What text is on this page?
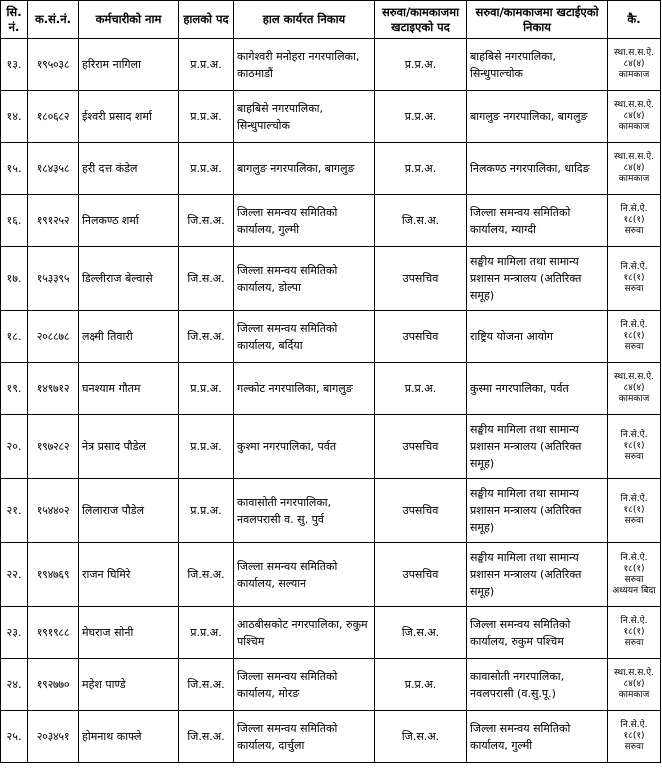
सि. नं.	क.सं.नं.	कर्मचारीको नाम	हालको पद	हाल कार्यरत निकाय	सरुवा/कामकाजमा खटाइएको पद	सरुवा/कामकाजमा खटाईएको निकाय	कै.
१३.	१९५०३८	हरिराम नागिला	प्र.प्र.अ.	कागेश्वरी मनोहरा नगरपालिका, काठमाडौं	प्र.प्र.अ.	बाहबिसे नगरपालिका, सिन्धुपाल्चोक	स्था.स.स.ऐ.
८४(४)
कामकाज

१४.	१८०६८२	ईश्वरी प्रसाद शर्मा	प्र.प्र.अ.	बाहबिसे नगरपालिका, सिन्धुपाल्चोक	प्र.प्र.अ.	बागलुङ नगरपालिका, बागलुङ	स्था.स.स.ऐ.
८४(४)
कामकाज

१५.	१८४३५८	हरी दत्त कंडेल	प्र.प्र.अ.	बागलुङ नगरपालिका, बागलुङ	प्र.प्र.अ.	निलकण्ठ नगरपालिका, धादिङ	स्था.स.स.ऐ.
८४(४)
कामकाज

१६.	१९१२५२	निलकण्ठ शर्मा	जि.स.अ.	जिल्ला समन्वय समितिको कार्यालय, गुल्मी	जि.स.अ.	जिल्ला समन्वय समितिको कार्यालय, म्याग्दी	नि.से.ऐ.
१८(१)
सरुवा

१७.	१५३३९५	डिल्लीराज बेल्वासे	जि.स.अ.	जिल्ला समन्वय समितिको कार्यालय, डोल्पा	उपसचिव	सङ्घीय मामिला तथा सामान्य प्रशासन मन्त्रालय (अतिरिक्त समूह)	नि.से.ऐ.
१८(१)
सरुवा

१८.	२०८८७८	लक्ष्मी तिवारी	जि.स.अ.	जिल्ला समन्वय समितिको कार्यालय, बर्दिया	उपसचिव	राष्ट्रिय योजना आयोग	नि.से.ऐ.
१८(१)
सरुवा

१९.	१४९७१२	घनश्याम गौतम	प्र.प्र.अ.	गल्कोट नगरपालिका, बागलुङ	प्र.प्र.अ.	कुस्मा नगरपालिका, पर्वत	स्था.स.स.ऐ.
८४(४)
कामकाज

२०.	१९७२८२	नेत्र प्रसाद पौडेल	प्र.प्र.अ.	कुश्मा नगरपालिका, पर्वत	उपसचिव	सङ्घीय मामिला तथा सामान्य प्रशासन मन्त्रालय (अतिरिक्त समूह)	नि.से.ऐ.
१८(१)
सरुवा

२१.	१५४४०२	लिलाराज पौडेल	प्र.प्र.अ.	कावासोती नगरपालिका, नवलपरासी व. सु. पुर्व	उपसचिव	सङ्घीय मामिला तथा सामान्य प्रशासन मन्त्रालय (अतिरिक्त समूह)	नि.से.ऐ.
१८(१)
सरुवा

२२.	१९४७६९	राजन घिमिरे	जि.स.अ.	जिल्ला समन्वय समितिको कार्यालय, सल्यान	उपसचिव	सङ्घीय मामिला तथा सामान्य प्रशासन मन्त्रालय (अतिरिक्त समूह)	नि.से.ऐ.
१८(१)
सरुवा
अध्ययन बिदा

२३.	१९१९८८	मेघराज सोनी	प्र.प्र.अ.	आठबीसकोट नगरपालिका, रुकुम पश्चिम	जि.स.अ.	जिल्ला समन्वय समितिको कार्यालय, रुकुम पश्चिम	नि.से.ऐ.
१८(१)
सरुवा

२४.	१९२७७०	महेश पाण्डे	जि.स.अ.	जिल्ला समन्वय समितिको कार्यालय, मोरङ	प्र.प्र.अ.	कावासोती नगरपालिका, नवलपरासी (व.सु.पू.)	स्था.स.स.ऐ.
८४(४)
कामकाज

२५.	२०३४५१	होमनाथ काफ्ले	जि.स.अ.	जिल्ला समन्वय समितिको कार्यालय, दार्चुला	जि.स.अ.	जिल्ला समन्वय समितिको कार्यालय, गुल्मी	नि.से.ऐ.
१८(१)
सरुवा
